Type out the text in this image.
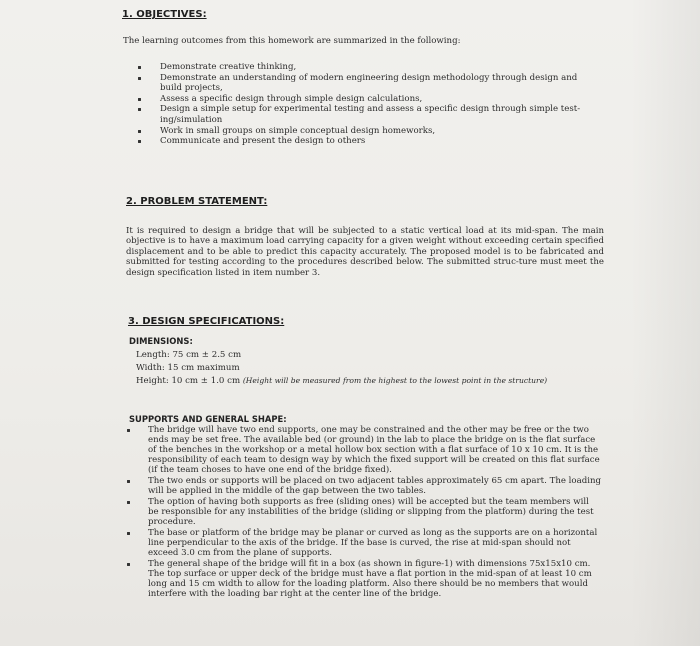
1. OBJECTIVES:
The learning outcomes from this homework are summarized in the following:
Demonstrate creative thinking,
Demonstrate an understanding of modern engineering design methodology through design and build projects,
Assess a specific design through simple design calculations,
Design a simple setup for experimental testing and assess a specific design through simple test-ing/simulation
Work in small groups on simple conceptual design homeworks,
Communicate and present the design to others
2. PROBLEM STATEMENT:
It is required to design a bridge that will be subjected to a static vertical load at its mid-span. The main objective is to have a maximum load carrying capacity for a given weight without exceeding certain specified displacement and to be able to predict this capacity accurately. The proposed model is to be fabricated and submitted for testing according to the procedures described below. The submitted struc-ture must meet the design specification listed in item number 3.
3. DESIGN SPECIFICATIONS:
DIMENSIONS:
Length: 75 cm ± 2.5 cm
Width: 15 cm maximum
Height: 10 cm ± 1.0 cm (Height will be measured from the highest to the lowest point in the structure)
SUPPORTS AND GENERAL SHAPE:
The bridge will have two end supports, one may be constrained and the other may be free or the two ends may be set free. The available bed (or ground) in the lab to place the bridge on is the flat surface of the benches in the workshop or a metal hollow box section with a flat surface of 10 x 10 cm. It is the responsibility of each team to design way by which the fixed support will be created on this flat surface (if the team choses to have one end of the bridge fixed).
The two ends or supports will be placed on two adjacent tables approximately 65 cm apart. The loading will be applied in the middle of the gap between the two tables.
The option of having both supports as free (sliding ones) will be accepted but the team members will be responsible for any instabilities of the bridge (sliding or slipping from the platform) during the test procedure.
The base or platform of the bridge may be planar or curved as long as the supports are on a horizontal line perpendicular to the axis of the bridge. If the base is curved, the rise at mid-span should not exceed 3.0 cm from the plane of supports.
The general shape of the bridge will fit in a box (as shown in figure-1) with dimensions 75x15x10 cm. The top surface or upper deck of the bridge must have a flat portion in the mid-span of at least 10 cm long and 15 cm width to allow for the loading platform. Also there should be no members that would interfere with the loading bar right at the center line of the bridge.
